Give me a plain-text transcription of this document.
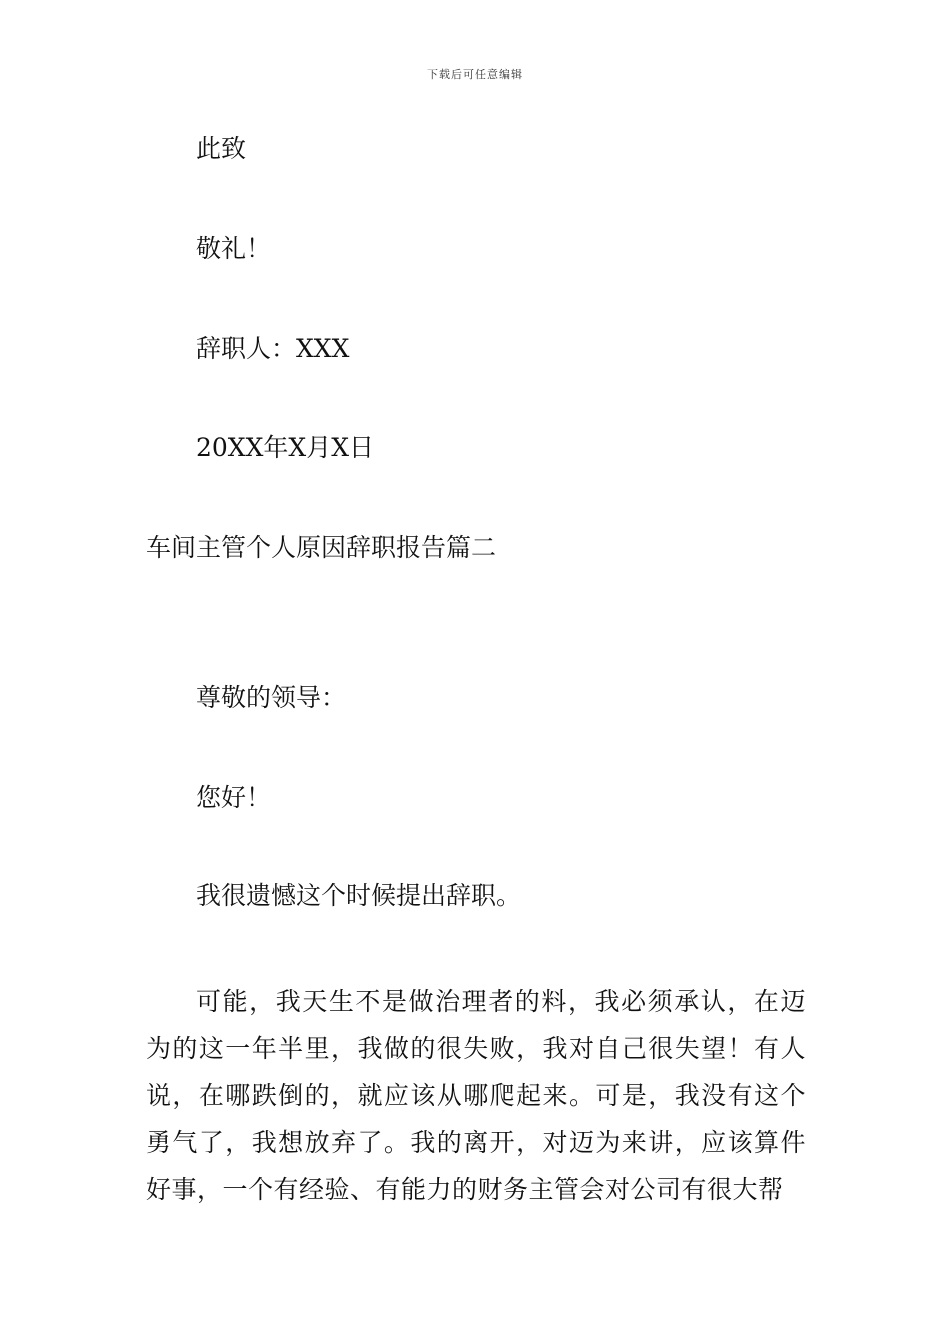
下载后可任意编辑
此致
敬礼！
辞职人：XXX
20XX年X月X日
车间主管个人原因辞职报告篇二
尊敬的领导：
您好！
我很遗憾这个时候提出辞职。
可能，我天生不是做治理者的料，我必须承认，在迈为的这一年半里，我做的很失败，我对自己很失望！有人说，在哪跌倒的，就应该从哪爬起来。可是，我没有这个勇气了，我想放弃了。我的离开，对迈为来讲，应该算件好事，一个有经验、有能力的财务主管会对公司有很大帮
